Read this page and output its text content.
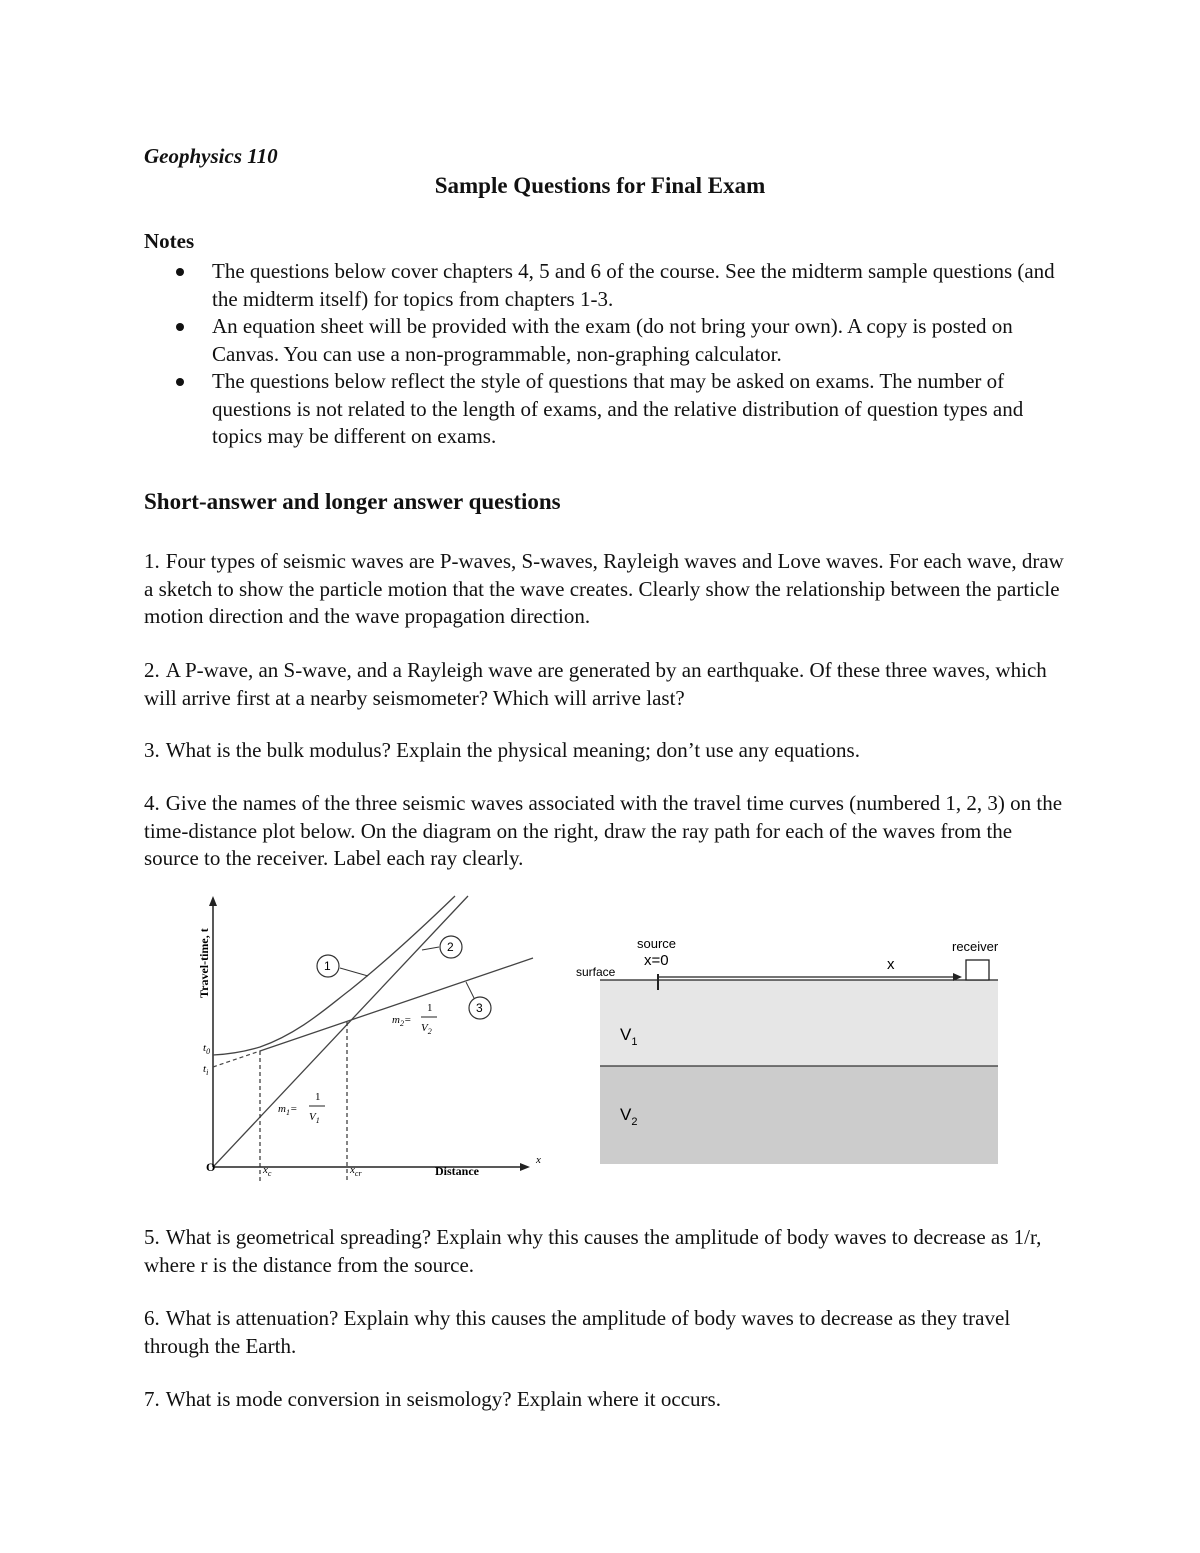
Geophysics 110
Sample Questions for Final Exam
Notes
The questions below cover chapters 4, 5 and 6 of the course. See the midterm sample questions (and the midterm itself) for topics from chapters 1-3.
An equation sheet will be provided with the exam (do not bring your own). A copy is posted on Canvas. You can use a non-programmable, non-graphing calculator.
The questions below reflect the style of questions that may be asked on exams. The number of questions is not related to the length of exams, and the relative distribution of question types and topics may be different on exams.
Short-answer and longer answer questions
1. Four types of seismic waves are P-waves, S-waves, Rayleigh waves and Love waves. For each wave, draw a sketch to show the particle motion that the wave creates. Clearly show the relationship between the particle motion direction and the wave propagation direction.
2. A P-wave, an S-wave, and a Rayleigh wave are generated by an earthquake. Of these three waves, which will arrive first at a nearby seismometer? Which will arrive last?
3. What is the bulk modulus? Explain the physical meaning; don’t use any equations.
4. Give the names of the three seismic waves associated with the travel time curves (numbered 1, 2, 3) on the time-distance plot below. On the diagram on the right, draw the ray path for each of the waves from the source to the receiver. Label each ray clearly.
O
Travel-time, t
Distance
x
$t_0$
$t_i$
$x_c$	$x_{cr}$
$m_1=$
1
$V_1$
$m_2=$
1
$V_2$
1
2
3
source
x=0	x
receiver
surface
$V_1$
$V_2$
5. What is geometrical spreading? Explain why this causes the amplitude of body waves to decrease as 1/r, where r is the distance from the source.
6. What is attenuation? Explain why this causes the amplitude of body waves to decrease as they travel through the Earth.
7. What is mode conversion in seismology? Explain where it occurs.
